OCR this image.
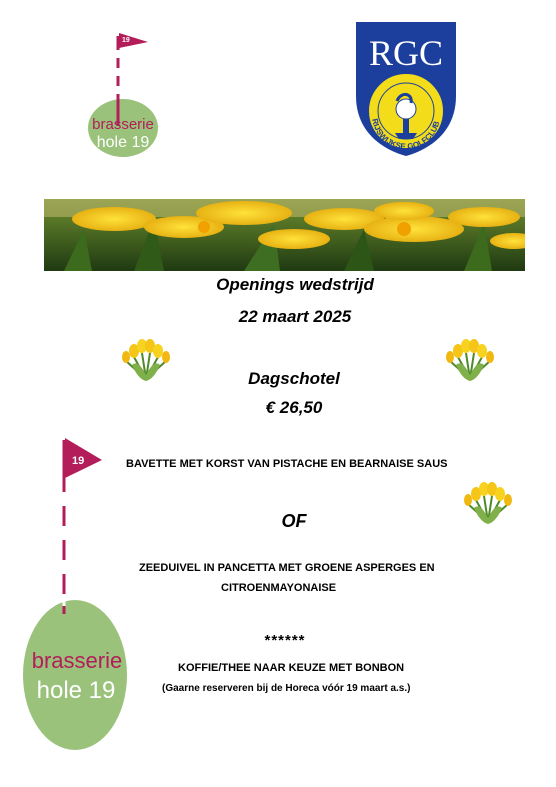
19
brasserie
hole 19
RGC
RIJSWIJKSE GOLFCLUB
Openings wedstrijd
22 maart 2025
Dagschotel
€ 26,50
19
brasserie
hole 19
BAVETTE MET KORST VAN PISTACHE EN BEARNAISE SAUS
OF
ZEEDUIVEL IN PANCETTA MET GROENE ASPERGES EN
CITROENMAYONAISE
******
KOFFIE/THEE NAAR KEUZE MET BONBON
(Gaarne reserveren bij de Horeca vóór 19 maart a.s.)
